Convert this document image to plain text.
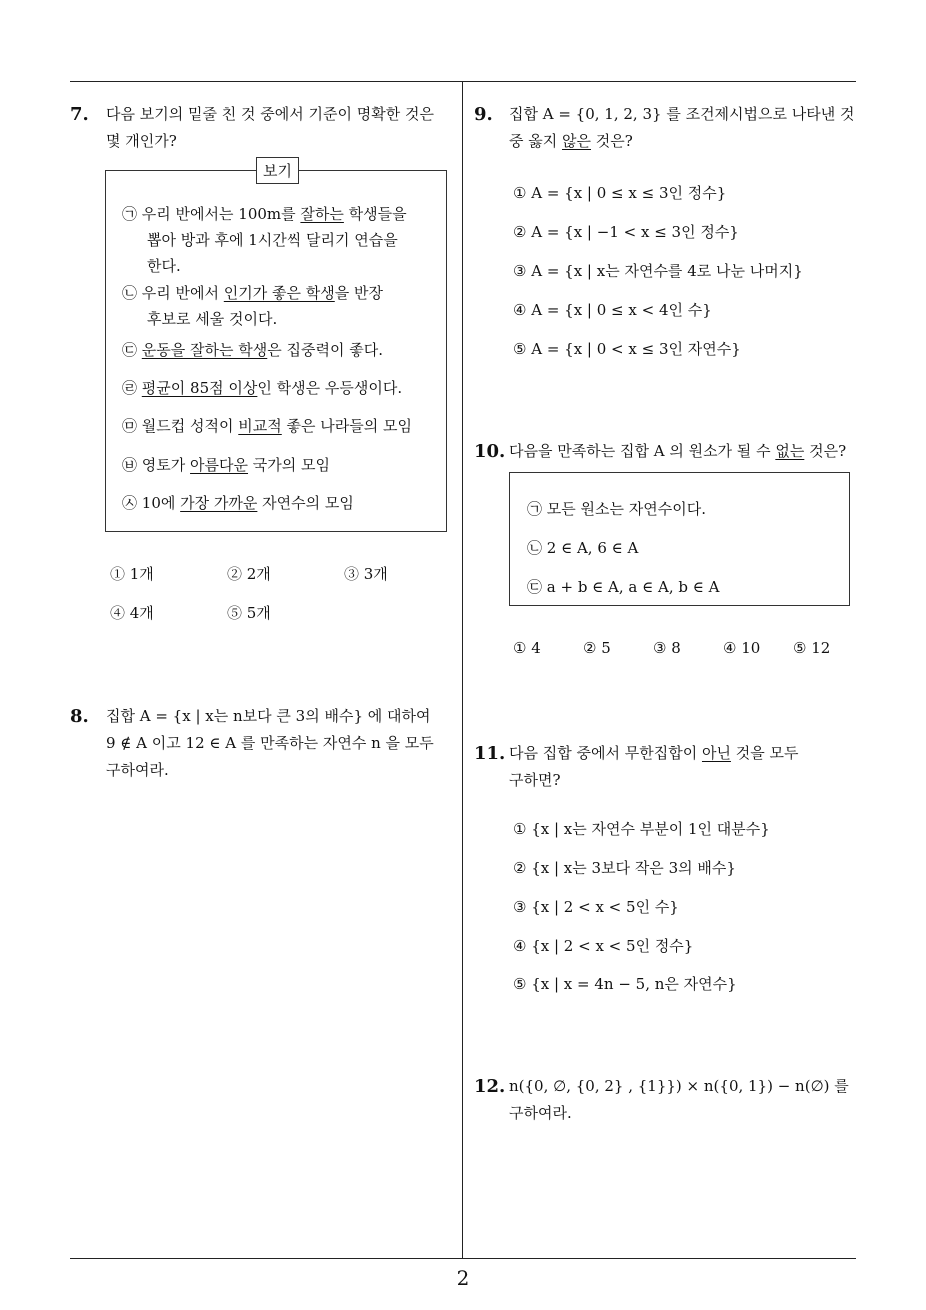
2
7. 다음 보기의 밑줄 친 것 중에서 기준이 명확한 것은
몇 개인가?
보기
㉠ 우리 반에서는 100m를 잘하는 학생들을
뽑아 방과 후에 1시간씩 달리기 연습을
한다.
㉡ 우리 반에서 인기가 좋은 학생을 반장
후보로 세울 것이다.
㉢ 운동을 잘하는 학생은 집중력이 좋다.
㉣ 평균이 85점 이상인 학생은 우등생이다.
㉤ 월드컵 성적이 비교적 좋은 나라들의 모임
㉥ 영토가 아름다운 국가의 모임
㉦ 10에 가장 가까운 자연수의 모임
① 1개	② 2개	③ 3개
④ 4개	⑤ 5개
8. 집합 A = {x | x는 n보다 큰 3의 배수} 에 대하여
9 ∉ A 이고 12 ∈ A 를 만족하는 자연수 n 을 모두
구하여라.
9. 집합 A = {0, 1, 2, 3} 를 조건제시법으로 나타낸 것
중 옳지 않은 것은?
① A = {x | 0 ≤ x ≤ 3인 정수}
② A = {x | −1 < x ≤ 3인 정수}
③ A = {x | x는 자연수를 4로 나눈 나머지}
④ A = {x | 0 ≤ x < 4인 수}
⑤ A = {x | 0 < x ≤ 3인 자연수}
10. 다음을 만족하는 집합 A 의 원소가 될 수 없는 것은?
㉠ 모든 원소는 자연수이다.
㉡ 2 ∈ A, 6 ∈ A
㉢ a + b ∈ A, a ∈ A, b ∈ A
① 4	② 5	③ 8	④ 10 ⑤ 12
11. 다음 집합 중에서 무한집합이 아닌 것을 모두
구하면?
① {x | x는 자연수 부분이 1인 대분수}
② {x | x는 3보다 작은 3의 배수}
③ {x | 2 < x < 5인 수}
④ {x | 2 < x < 5인 정수}
⑤ {x | x = 4n − 5, n은 자연수}
12. n({0, ∅, {0, 2} , {1}}) × n({0, 1}) − n(∅) 를
구하여라.
